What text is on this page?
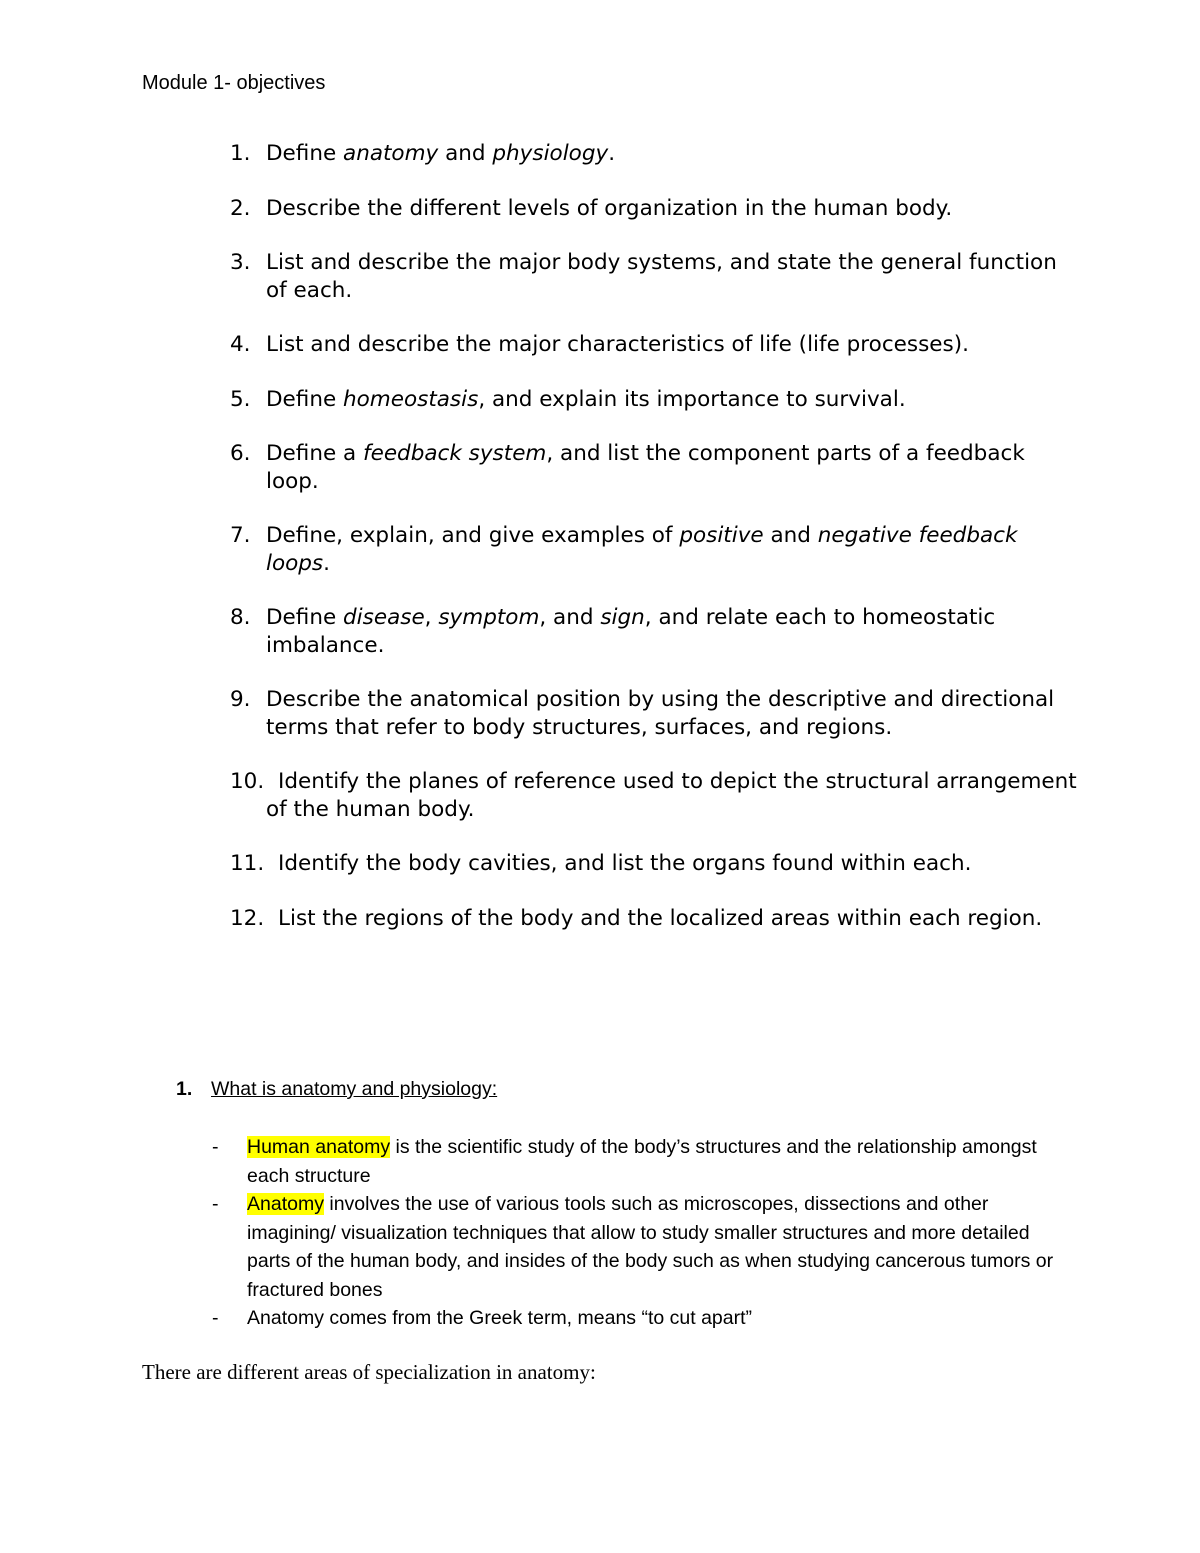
Module 1- objectives
1. Define anatomy and physiology.
2. Describe the different levels of organization in the human body.
3. List and describe the major body systems, and state the general function of each.
4. List and describe the major characteristics of life (life processes).
5. Define homeostasis, and explain its importance to survival.
6. Define a feedback system, and list the component parts of a feedback loop.
7. Define, explain, and give examples of positive and negative feedback loops.
8. Define disease, symptom, and sign, and relate each to homeostatic imbalance.
9. Describe the anatomical position by using the descriptive and directional terms that refer to body structures, surfaces, and regions.
10. Identify the planes of reference used to depict the structural arrangement of the human body.
11. Identify the body cavities, and list the organs found within each.
12. List the regions of the body and the localized areas within each region.
1. What is anatomy and physiology:
- Human anatomy is the scientific study of the body’s structures and the relationship amongst each structure
- Anatomy involves the use of various tools such as microscopes, dissections and other imagining/ visualization techniques that allow to study smaller structures and more detailed parts of the human body, and insides of the body such as when studying cancerous tumors or fractured bones
- Anatomy comes from the Greek term, means “to cut apart”
There are different areas of specialization in anatomy:
